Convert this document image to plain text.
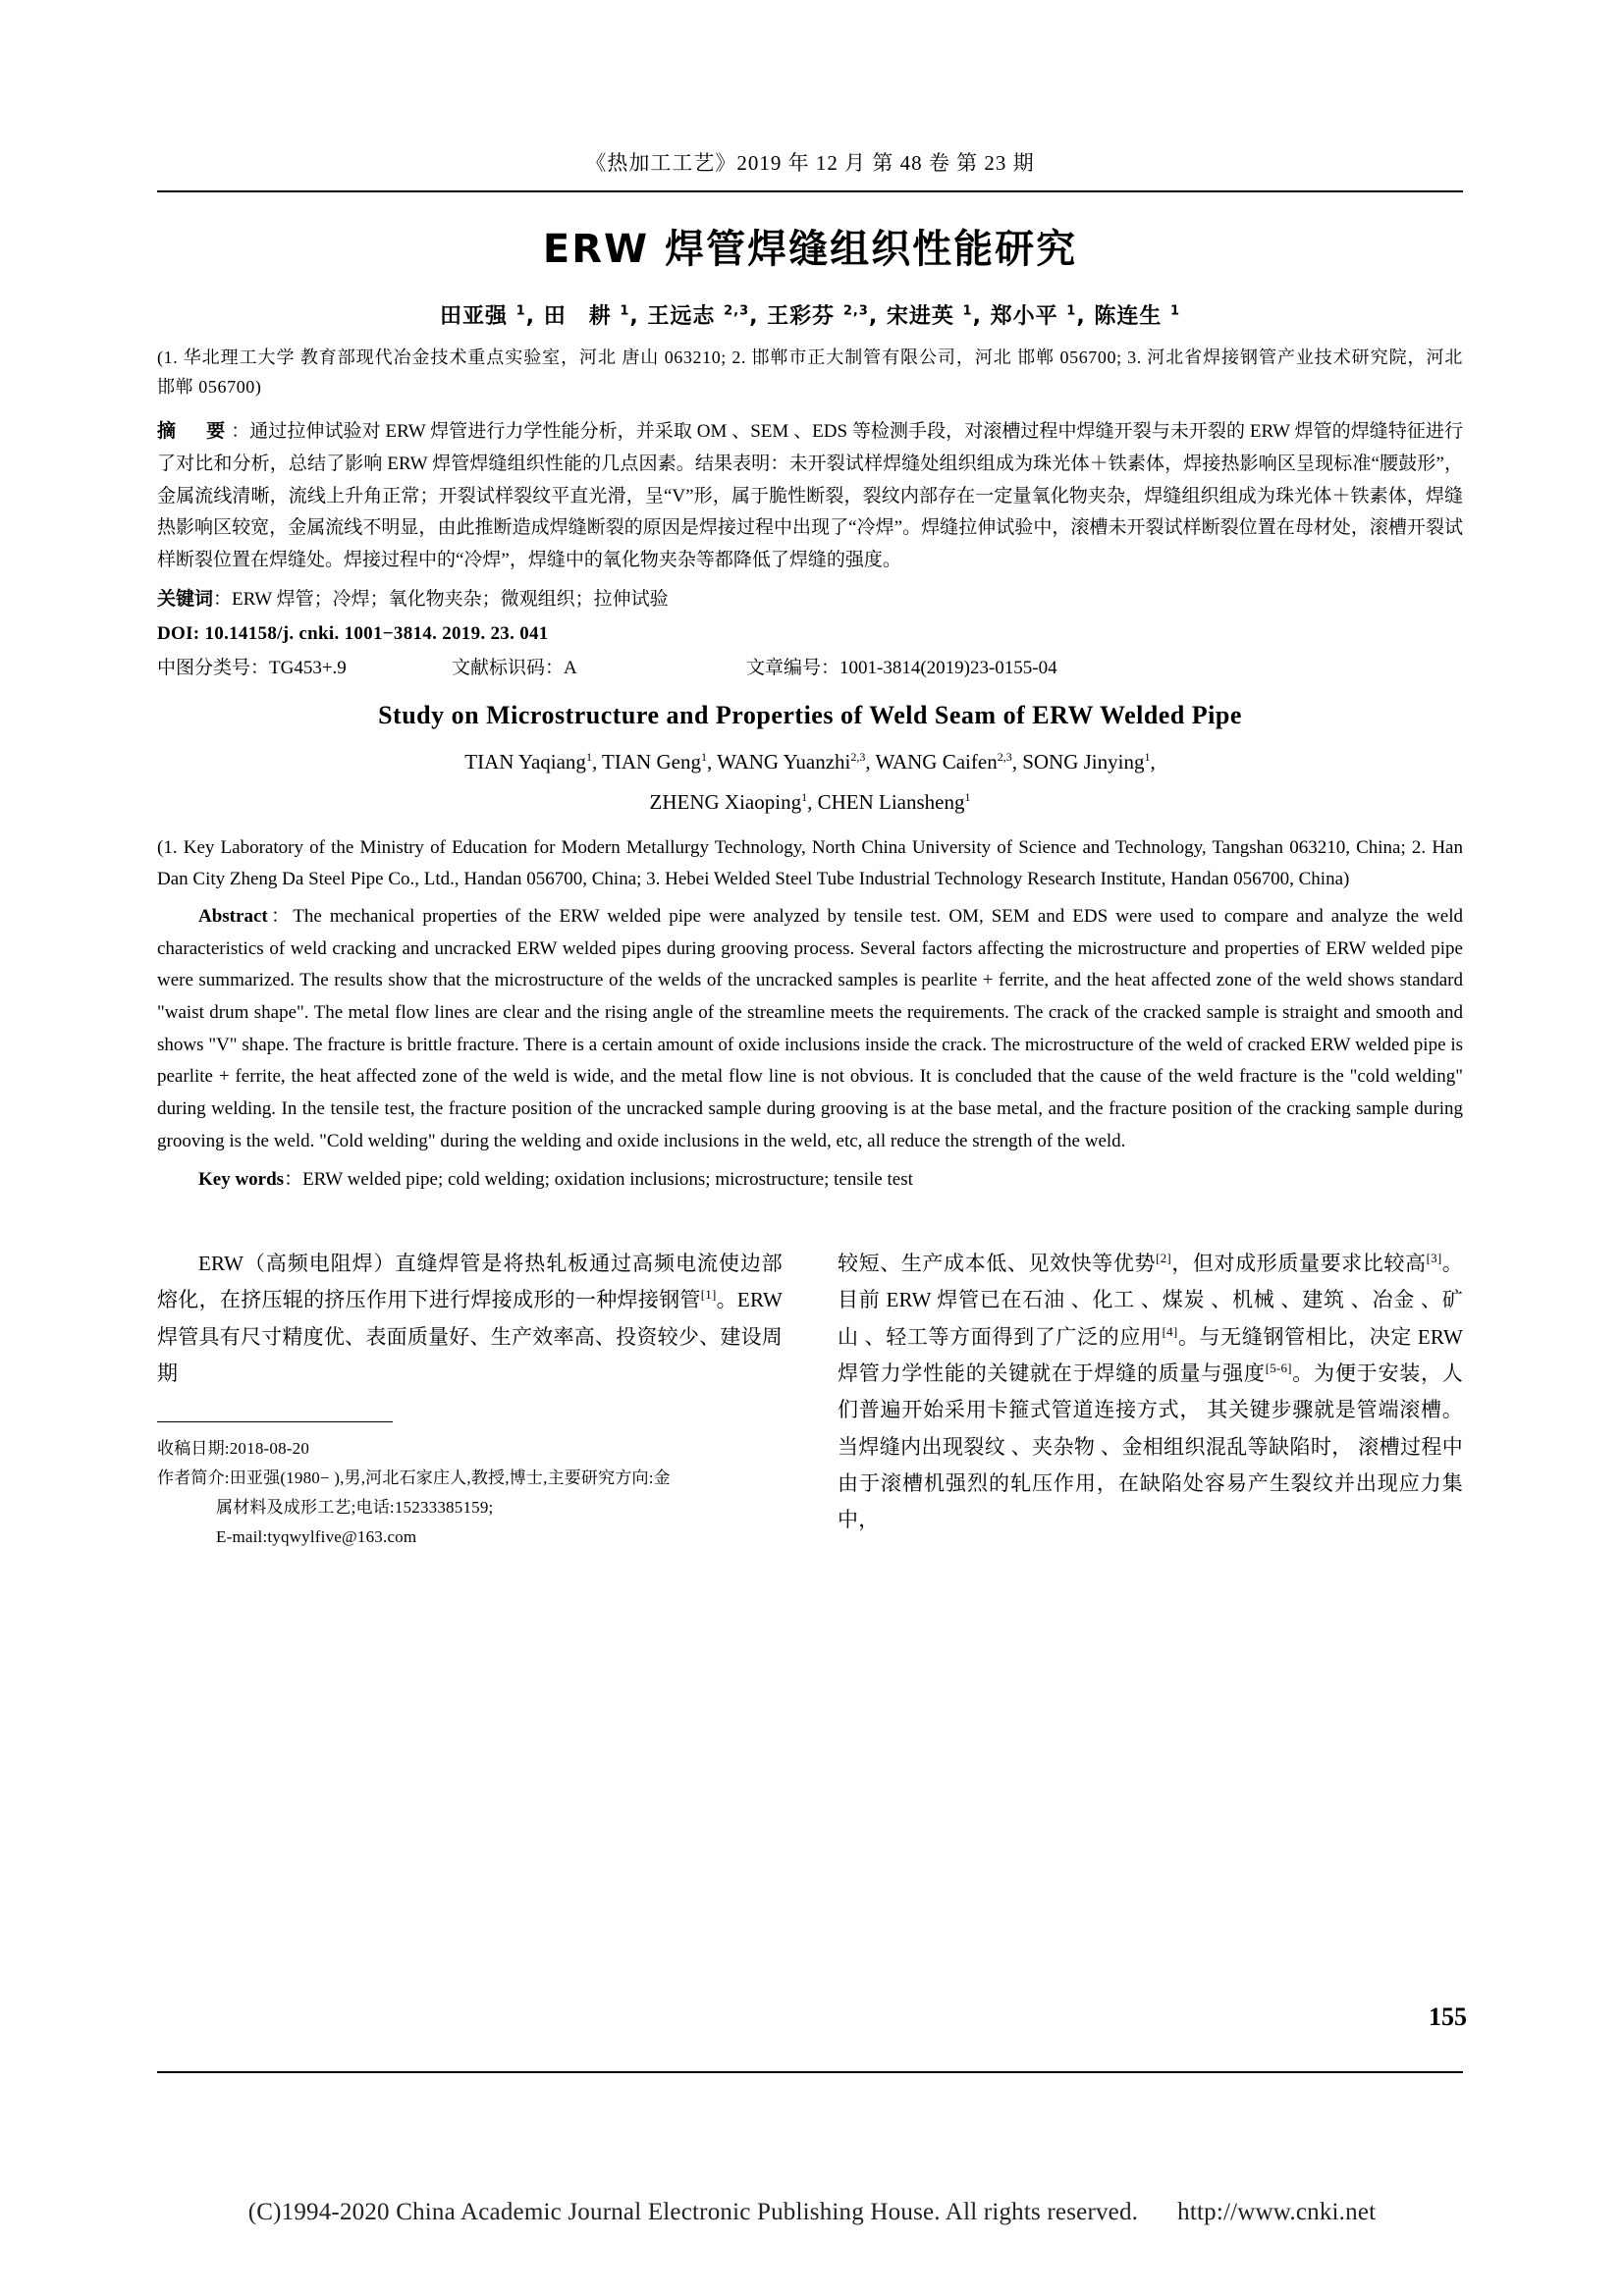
《热加工工艺》2019 年 12 月 第 48 卷 第 23 期
ERW 焊管焊缝组织性能研究
田亚强 $^1$, 田　耕 $^1$, 王远志 $^{2,3}$, 王彩芬 $^{2,3}$, 宋进英 $^1$, 郑小平 $^1$, 陈连生 $^1$
(1. 华北理工大学 教育部现代冶金技术重点实验室，河北 唐山 063210; 2. 邯郸市正大制管有限公司，河北 邯郸 056700; 3. 河北省焊接钢管产业技术研究院，河北 邯郸 056700)
摘　要：通过拉伸试验对 ERW 焊管进行力学性能分析，并采取 OM 、SEM 、EDS 等检测手段，对滚槽过程中焊缝开裂与未开裂的 ERW 焊管的焊缝特征进行了对比和分析，总结了影响 ERW 焊管焊缝组织性能的几点因素。结果表明：未开裂试样焊缝处组织组成为珠光体＋铁素体，焊接热影响区呈现标准“腰鼓形”，金属流线清晰，流线上升角正常；开裂试样裂纹平直光滑，呈“V”形，属于脆性断裂，裂纹内部存在一定量氧化物夹杂，焊缝组织组成为珠光体＋铁素体，焊缝热影响区较宽，金属流线不明显，由此推断造成焊缝断裂的原因是焊接过程中出现了“冷焊”。焊缝拉伸试验中，滚槽未开裂试样断裂位置在母材处，滚槽开裂试样断裂位置在焊缝处。焊接过程中的“冷焊”，焊缝中的氧化物夹杂等都降低了焊缝的强度。
关键词：ERW 焊管；冷焊；氧化物夹杂；微观组织；拉伸试验
DOI: 10.14158/j. cnki. 1001−3814. 2019. 23. 041
中图分类号：TG453+.9	文献标识码：A	文章编号：1001-3814(2019)23-0155-04
Study on Microstructure and Properties of Weld Seam of ERW Welded Pipe
TIAN Yaqiang$^1$, TIAN Geng$^1$, WANG Yuanzhi$^{2,3}$, WANG Caifen$^{2,3}$, SONG Jinying$^1$,
ZHENG Xiaoping$^1$, CHEN Liansheng$^1$
(1. Key Laboratory of the Ministry of Education for Modern Metallurgy Technology, North China University of Science and Technology, Tangshan 063210, China; 2. Han Dan City Zheng Da Steel Pipe Co., Ltd., Handan 056700, China; 3. Hebei Welded Steel Tube Industrial Technology Research Institute, Handan 056700, China)
Abstract：The mechanical properties of the ERW welded pipe were analyzed by tensile test. OM, SEM and EDS were used to compare and analyze the weld characteristics of weld cracking and uncracked ERW welded pipes during grooving process. Several factors affecting the microstructure and properties of ERW welded pipe were summarized. The results show that the microstructure of the welds of the uncracked samples is pearlite + ferrite, and the heat affected zone of the weld shows standard "waist drum shape". The metal flow lines are clear and the rising angle of the streamline meets the requirements. The crack of the cracked sample is straight and smooth and shows "V" shape. The fracture is brittle fracture. There is a certain amount of oxide inclusions inside the crack. The microstructure of the weld of cracked ERW welded pipe is pearlite + ferrite, the heat affected zone of the weld is wide, and the metal flow line is not obvious. It is concluded that the cause of the weld fracture is the "cold welding" during welding. In the tensile test, the fracture position of the uncracked sample during grooving is at the base metal, and the fracture position of the cracking sample during grooving is the weld. "Cold welding" during the welding and oxide inclusions in the weld, etc, all reduce the strength of the weld.
Key words：ERW welded pipe; cold welding; oxidation inclusions; microstructure; tensile test

ERW（高频电阻焊）直缝焊管是将热轧板通过高频电流使边部熔化，在挤压辊的挤压作用下进行焊接成形的一种焊接钢管[1]。ERW 焊管具有尺寸精度优、表面质量好、生产效率高、投资较少、建设周期

收稿日期:2018-08-20
作者简介:田亚强(1980− ),男,河北石家庄人,教授,博士,主要研究方向:金
属材料及成形工艺;电话:15233385159;
E-mail:tyqwylfive@163.com

较短、生产成本低、见效快等优势[2]，但对成形质量要求比较高[3]。目前 ERW 焊管已在石油 、化工 、煤炭 、机械 、建筑 、冶金 、矿山 、轻工等方面得到了广泛的应用[4]。与无缝钢管相比，决定 ERW 焊管力学性能的关键就在于焊缝的质量与强度[5-6]。为便于安装，人们普遍开始采用卡箍式管道连接方式， 其关键步骤就是管端滚槽。当焊缝内出现裂纹 、夹杂物 、金相组织混乱等缺陷时， 滚槽过程中由于滚槽机强烈的轧压作用，在缺陷处容易产生裂纹并出现应力集中，

155
(C)1994-2020 China Academic Journal Electronic Publishing House. All rights reserved. http://www.cnki.net
